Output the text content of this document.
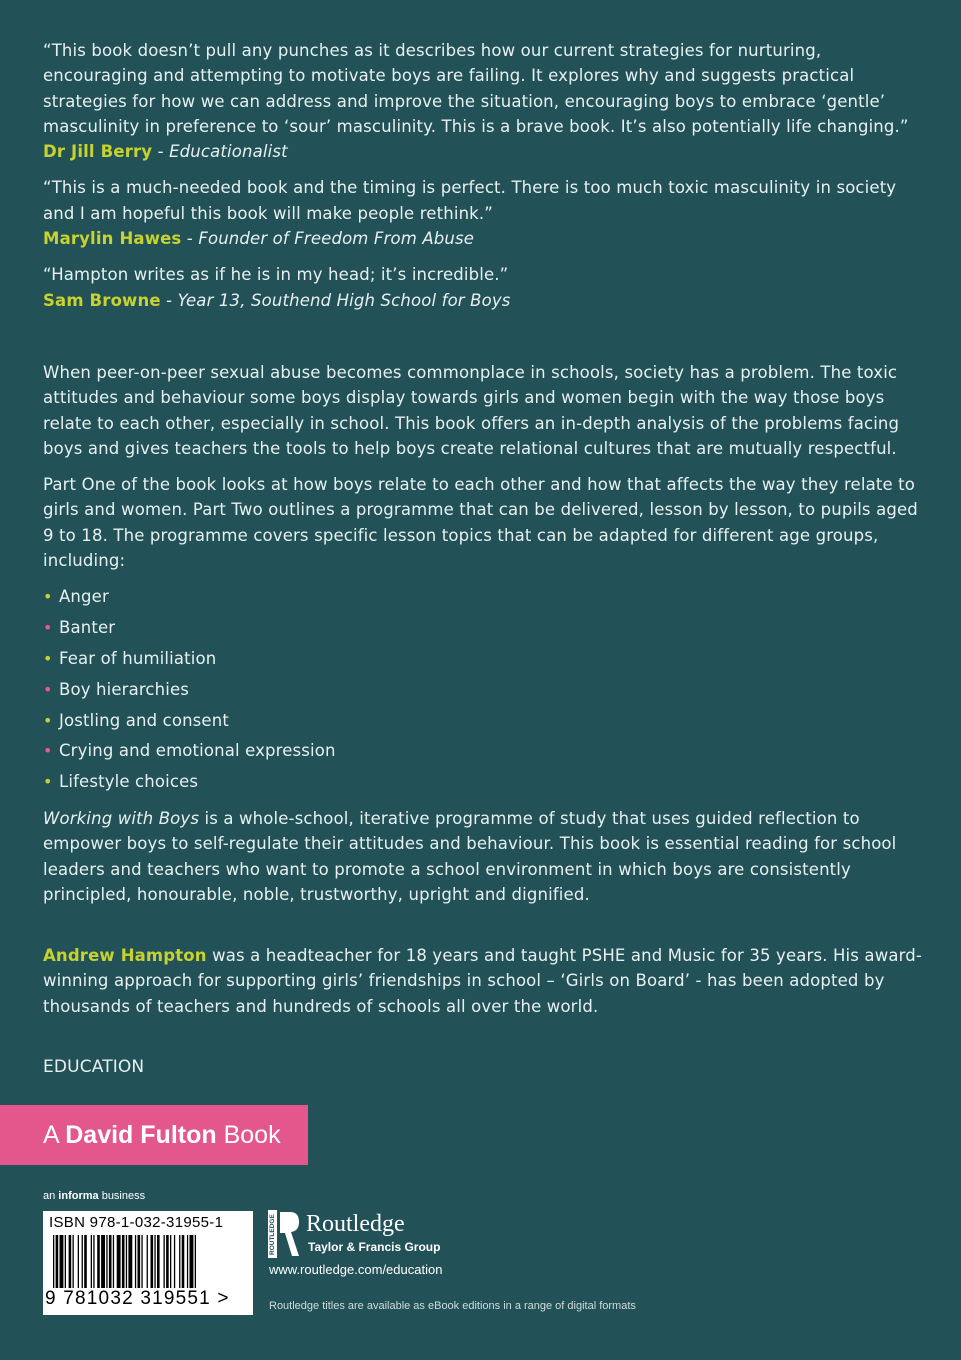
“This book doesn’t pull any punches as it describes how our current strategies for nurturing, encouraging and attempting to motivate boys are failing. It explores why and suggests practical strategies for how we can address and improve the situation, encouraging boys to embrace ‘gentle’ masculinity in preference to ‘sour’ masculinity. This is a brave book. It’s also potentially life changing.”

Dr Jill Berry - Educationalist

“This is a much-needed book and the timing is perfect. There is too much toxic masculinity in society and I am hopeful this book will make people rethink.”

Marylin Hawes - Founder of Freedom From Abuse

“Hampton writes as if he is in my head; it’s incredible.”

Sam Browne - Year 13, Southend High School for Boys

When peer-on-peer sexual abuse becomes commonplace in schools, society has a problem. The toxic attitudes and behaviour some boys display towards girls and women begin with the way those boys relate to each other, especially in school. This book offers an in-depth analysis of the problems facing boys and gives teachers the tools to help boys create relational cultures that are mutually respectful.

Part One of the book looks at how boys relate to each other and how that affects the way they relate to girls and women. Part Two outlines a programme that can be delivered, lesson by lesson, to pupils aged 9 to 18. The programme covers specific lesson topics that can be adapted for different age groups, including:

• Anger
• Banter
• Fear of humiliation
• Boy hierarchies
• Jostling and consent
• Crying and emotional expression
• Lifestyle choices

Working with Boys is a whole-school, iterative programme of study that uses guided reflection to empower boys to self-regulate their attitudes and behaviour. This book is essential reading for school leaders and teachers who want to promote a school environment in which boys are consistently principled, honourable, noble, trustworthy, upright and dignified.

Andrew Hampton was a headteacher for 18 years and taught PSHE and Music for 35 years. His award-winning approach for supporting girls’ friendships in school – ‘Girls on Board’ - has been adopted by thousands of teachers and hundreds of schools all over the world.

EDUCATION

A David Fulton Book
an informa business
ISBN 978-1-032-31955-1
9 781032 319551 >
ROUTLEDGE Routledge
Taylor & Francis Group
www.routledge.com/education
Routledge titles are available as eBook editions in a range of digital formats
